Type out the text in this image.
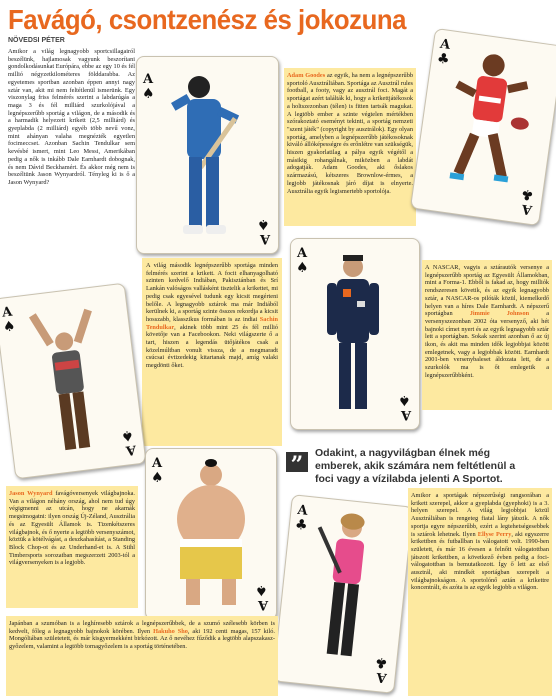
Favágó, csontzenész és jokozuna
NÖVEDSI PÉTER

Amikor a világ legnagyobb sportcsillagairól beszélünk, hajlamosak vagyunk beszorítani gondolkodásunkat Európára, ebbe az egy 10 és fél millió négyzetkilométeres földdarabba. Az egyetemes sportban azonban éppen annyi nagy sztár van, akit mi nem feltétlenül ismerünk. Egy viszonylag friss felmérés szerint a labdarúgás a maga 3 és fél milliárd szurkolójával a legnépszerűbb sportág a világon, de a második és a harmadik helyezett krikett (2,5 milliárd) és gyeplabda (2 milliárd) egyéb több nevű vonz, mint ahányan valaha megnézték egyetlen focimeccset. Azonban Sachin Tendulkar sem kevésbé ismert, mint Leo Messi, Amerikában pedig a nők is inkább Dale Earnhardt dobognak, és nem Dávid Beckhamért. És akkor még nem is beszéltünk Jason Wynyardról. Tényleg ki is ő a Jason Wynyard?

A
♠
♠
A

Adam Goodes az egyik, ha nem a legnépszerűbb sportoló Ausztráliában. Sportága az Ausztrál rules football, a footy, vagy az ausztrál foci. Magát a sportágat azért találták ki, hogy a krikettjátékosok a holtszezonban (télen) is fitten tartsák magukat. A legtöbb ember a szinte végtelen mértékben szórakoztató eseményt tekinti, a sportág nemzeti "szent játék" (copyright by ausztrálok). Egy olyan sportág, amelyben a legnépszerűbb játékosoknak kiváló állóképességre és erőnlétre van szükségük, hiszen gyakorlatilag a pálya egyik végétől a másikig rohangálnak, miközben a labdát adogatják. Adam Goodes, aki őslakos származású, kétszeres Brownlow-érmes, a legjobb játékosnak járó díjat is elnyerte. Ausztrália egyik legismertebb sportolója.

A
♣
♣
A

A világ második legnépszerűbb sportága minden felmérés szerint a krikett. A focit elhanyagolható szinten kedvelő Indiában, Pakisztánban és Srí Lankán valóságos vallásként tisztelik a krikettet, mi pedig csak egyesével tudunk egy kicsit megérteni belőle. A legnagyobb sztárok ma már Indiából kerülnek ki, a sportág szinte összes rekordja a kicsit hosszabb, klasszikus formában is az indiai Sachin Tendulkar, akinek több mint 25 és fél millió követője van a Facebookon. Neki világszerte ő a tart, hiszen a legendás ütőjátékos csak a közelmúltban vonult vissza, de a megmaradt csúcsai évtizedekig kitartanak majd, amíg valaki megdönti őket.

A
♠
♠
A

A NASCAR, vagyis a sztárautók versenye a legnépszerűbb sportág az Egyesült Államokban, mint a Forma-1. Ebből is fakad az, hogy milliók rendszeresen követik, és az egyik legnagyobb sztár, a NASCAR-os pilóták közül, kiemelkedő helyen van a híres Dale Earnhardt. A népszerű sportágban Jimmie Johnson a versenyszezonban 2002 óta versenyző, aki hét bajnoki címet nyert és az egyik legnagyobb sztár lett a sportágban. Sokak szerint azonban ő az új ikon, és akit ma minden idők legjobbjai között emlegetnek, vagy a legjobbak között. Earnhardt 2001-ben versenybaleset áldozata lett, de a szurkolók ma is őt emlegetik a legnépszerűbbként.

A
♠
♠
A

Jason Wynyard favágóversenyek világbajnoka. Van a világon néhány ország, ahol nem tud úgy végigmenni az utcán, hogy ne akarnák megsimogatni: ilyen ország Új-Zéland, Ausztrália és az Egyesült Államok is. Tizenkétszeres világbajnok, és ő nyerte a legtöbb versenyszámot, köztük a kötélvágást, a deszkahasítást, a Standing Block Chop-ot és az Underhand-et is. A Stihl Timbersports sorozatban megszerzett 2003-tól a világversenyeken is a legjobb.

A
♠
♠
A
”	Odakint, a nagyvilágban élnek még emberek, akik számára nem feltétlenül a foci vagy a vízilabda jelenti A Sportot.
A
♣
♣
A

Japánban a szumóban is a leghíresebb sztárok a legnépszerűbbek, de a szumó szélesebb körben is kedvelt, főleg a legnagyobb bajnokok körében. Ilyen Hakuho Sho, aki 192 centi magas, 157 kiló. Mongóliában születetett, és már kisgyermekként birkózott. Az ő nevéhez fűződik a legtöbb alapszakasz-győzelem, valamint a legtöbb tornagyőzelem is a sportág történetében.

Amikor a sportágak népszerűségi rangsorában a krikett szerepel, akkor a gyeplabda (gyephoki) is a 3. helyen szerepel. A világ legjobbjai közül Ausztráliában is rengeteg fiatal lány játszik. A nők sportja egyre népszerűbb, ezért a legtehetségesebbek is sztárok lehetnek. Ilyen Ellyse Perry, aki egyszerre krikettben és futballban is válogatott volt. 1990-ben született, és már 16 évesen a felnőtt válogatottban játszott krikettben, a következő évben pedig a foci-válogatottban is bemutatkozott. Így ő lett az első ausztrál, aki mindkét sportágban szerepelt a világbajnokságon. A sportolónő aztán a krikettre koncentrált, és azóta is az egyik legjobb a világon.
